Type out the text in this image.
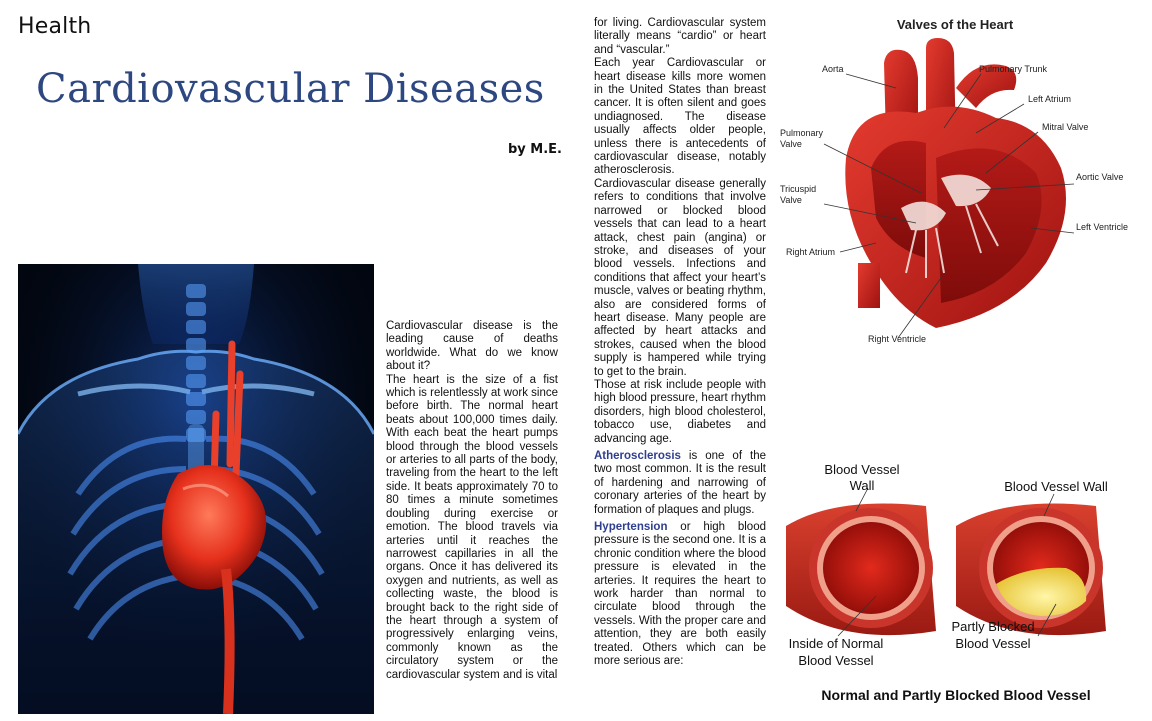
Health
Cardiovascular Diseases
by M.E.

Cardiovascular disease is the leading cause of deaths worldwide. What do we know about it?

The heart is the size of a fist which is relentlessly at work since before birth. The normal heart beats about 100,000 times daily. With each beat the heart pumps blood through the blood vessels or arteries to all parts of the body, traveling from the heart to the left side. It beats approximately 70 to 80 times a minute sometimes doubling during exercise or emotion. The blood travels via arteries until it reaches the narrowest capillaries in all the organs. Once it has delivered its oxygen and nutrients, as well as collecting waste, the blood is brought back to the right side of the heart through a system of progressively enlarging veins, commonly known as the circulatory system or the cardiovascular system and is vital

for living. Cardiovascular system literally means “cardio” or heart and “vascular.”

Each year Cardiovascular or heart disease kills more women in the United States than breast cancer. It is often silent and goes undiagnosed. The disease usually affects older people, unless there is antecedents of cardiovascular disease, notably atherosclerosis.

Cardiovascular disease generally refers to conditions that involve narrowed or blocked blood vessels that can lead to a heart attack, chest pain (angina) or stroke, and diseases of your blood vessels. Infections and conditions that affect your heart’s muscle, valves or beating rhythm, also are considered forms of heart disease. Many people are affected by heart attacks and strokes, caused when the blood supply is hampered while trying to get to the brain.

Those at risk include people with high blood pressure, heart rhythm disorders, high blood cholesterol, tobacco use, diabetes and advancing age.

Atherosclerosis is one of the two most common. It is the result of hardening and narrowing of coronary arteries of the heart by formation of plaques and plugs.

Hypertension or high blood pressure is the second one. It is a chronic condition where the blood pressure is elevated in the arteries. It requires the heart to work harder than normal to circulate blood through the vessels. With the proper care and attention, they are both easily treated. Others which can be more serious are:

Valves of the Heart
Aorta	Pulmonary Trunk
Left Atrium
Mitral Valve
Pulmonary
Valve
Aortic Valve
Tricuspid
Valve
Left Ventricle
Right Atrium
Right Ventricle
Blood Vessel
Wall	Blood Vessel Wall
Inside of Normal
Blood Vessel
Partly Blocked
Blood Vessel
Normal and Partly Blocked Blood Vessel
